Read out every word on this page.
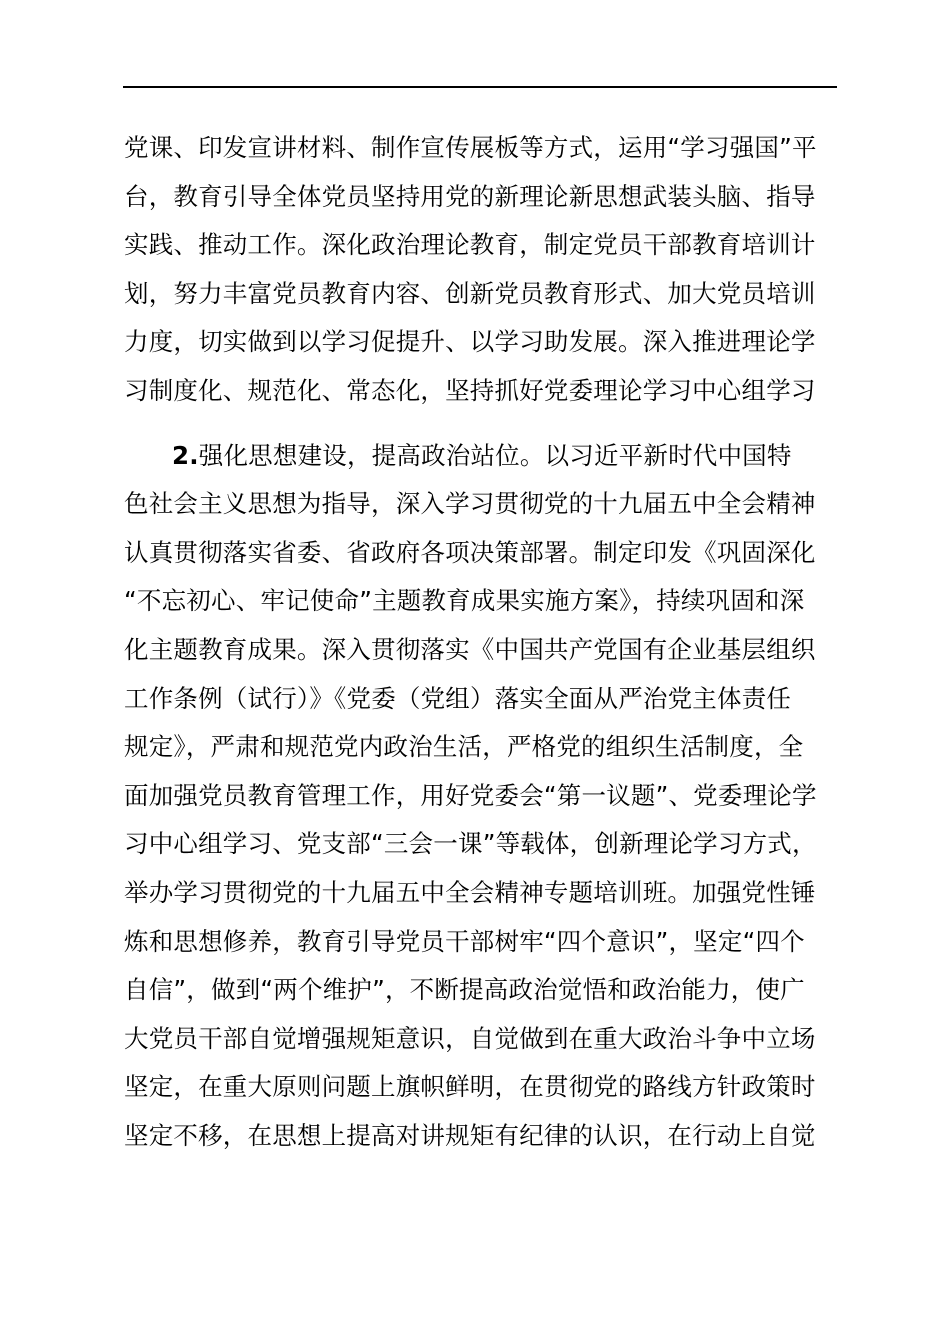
党课、印发宣讲材料、制作宣传展板等方式，运用“学习强国”平
台，教育引导全体党员坚持用党的新理论新思想武装头脑、指导
实践、推动工作。深化政治理论教育，制定党员干部教育培训计
划，努力丰富党员教育内容、创新党员教育形式、加大党员培训
力度，切实做到以学习促提升、以学习助发展。深入推进理论学
习制度化、规范化、常态化，坚持抓好党委理论学习中心组学习
2.强化思想建设，提高政治站位。以习近平新时代中国特
色社会主义思想为指导，深入学习贯彻党的十九届五中全会精神
认真贯彻落实省委、省政府各项决策部署。制定印发《巩固深化
“不忘初心、牢记使命”主题教育成果实施方案》，持续巩固和深
化主题教育成果。深入贯彻落实《中国共产党国有企业基层组织
工作条例（试行）》《党委（党组）落实全面从严治党主体责任
规定》，严肃和规范党内政治生活，严格党的组织生活制度，全
面加强党员教育管理工作，用好党委会“第一议题”、党委理论学
习中心组学习、党支部“三会一课”等载体，创新理论学习方式，
举办学习贯彻党的十九届五中全会精神专题培训班。加强党性锤
炼和思想修养，教育引导党员干部树牢“四个意识”，坚定“四个
自信”，做到“两个维护”，不断提高政治觉悟和政治能力，使广
大党员干部自觉增强规矩意识，自觉做到在重大政治斗争中立场
坚定，在重大原则问题上旗帜鲜明，在贯彻党的路线方针政策时
坚定不移，在思想上提高对讲规矩有纪律的认识，在行动上自觉
